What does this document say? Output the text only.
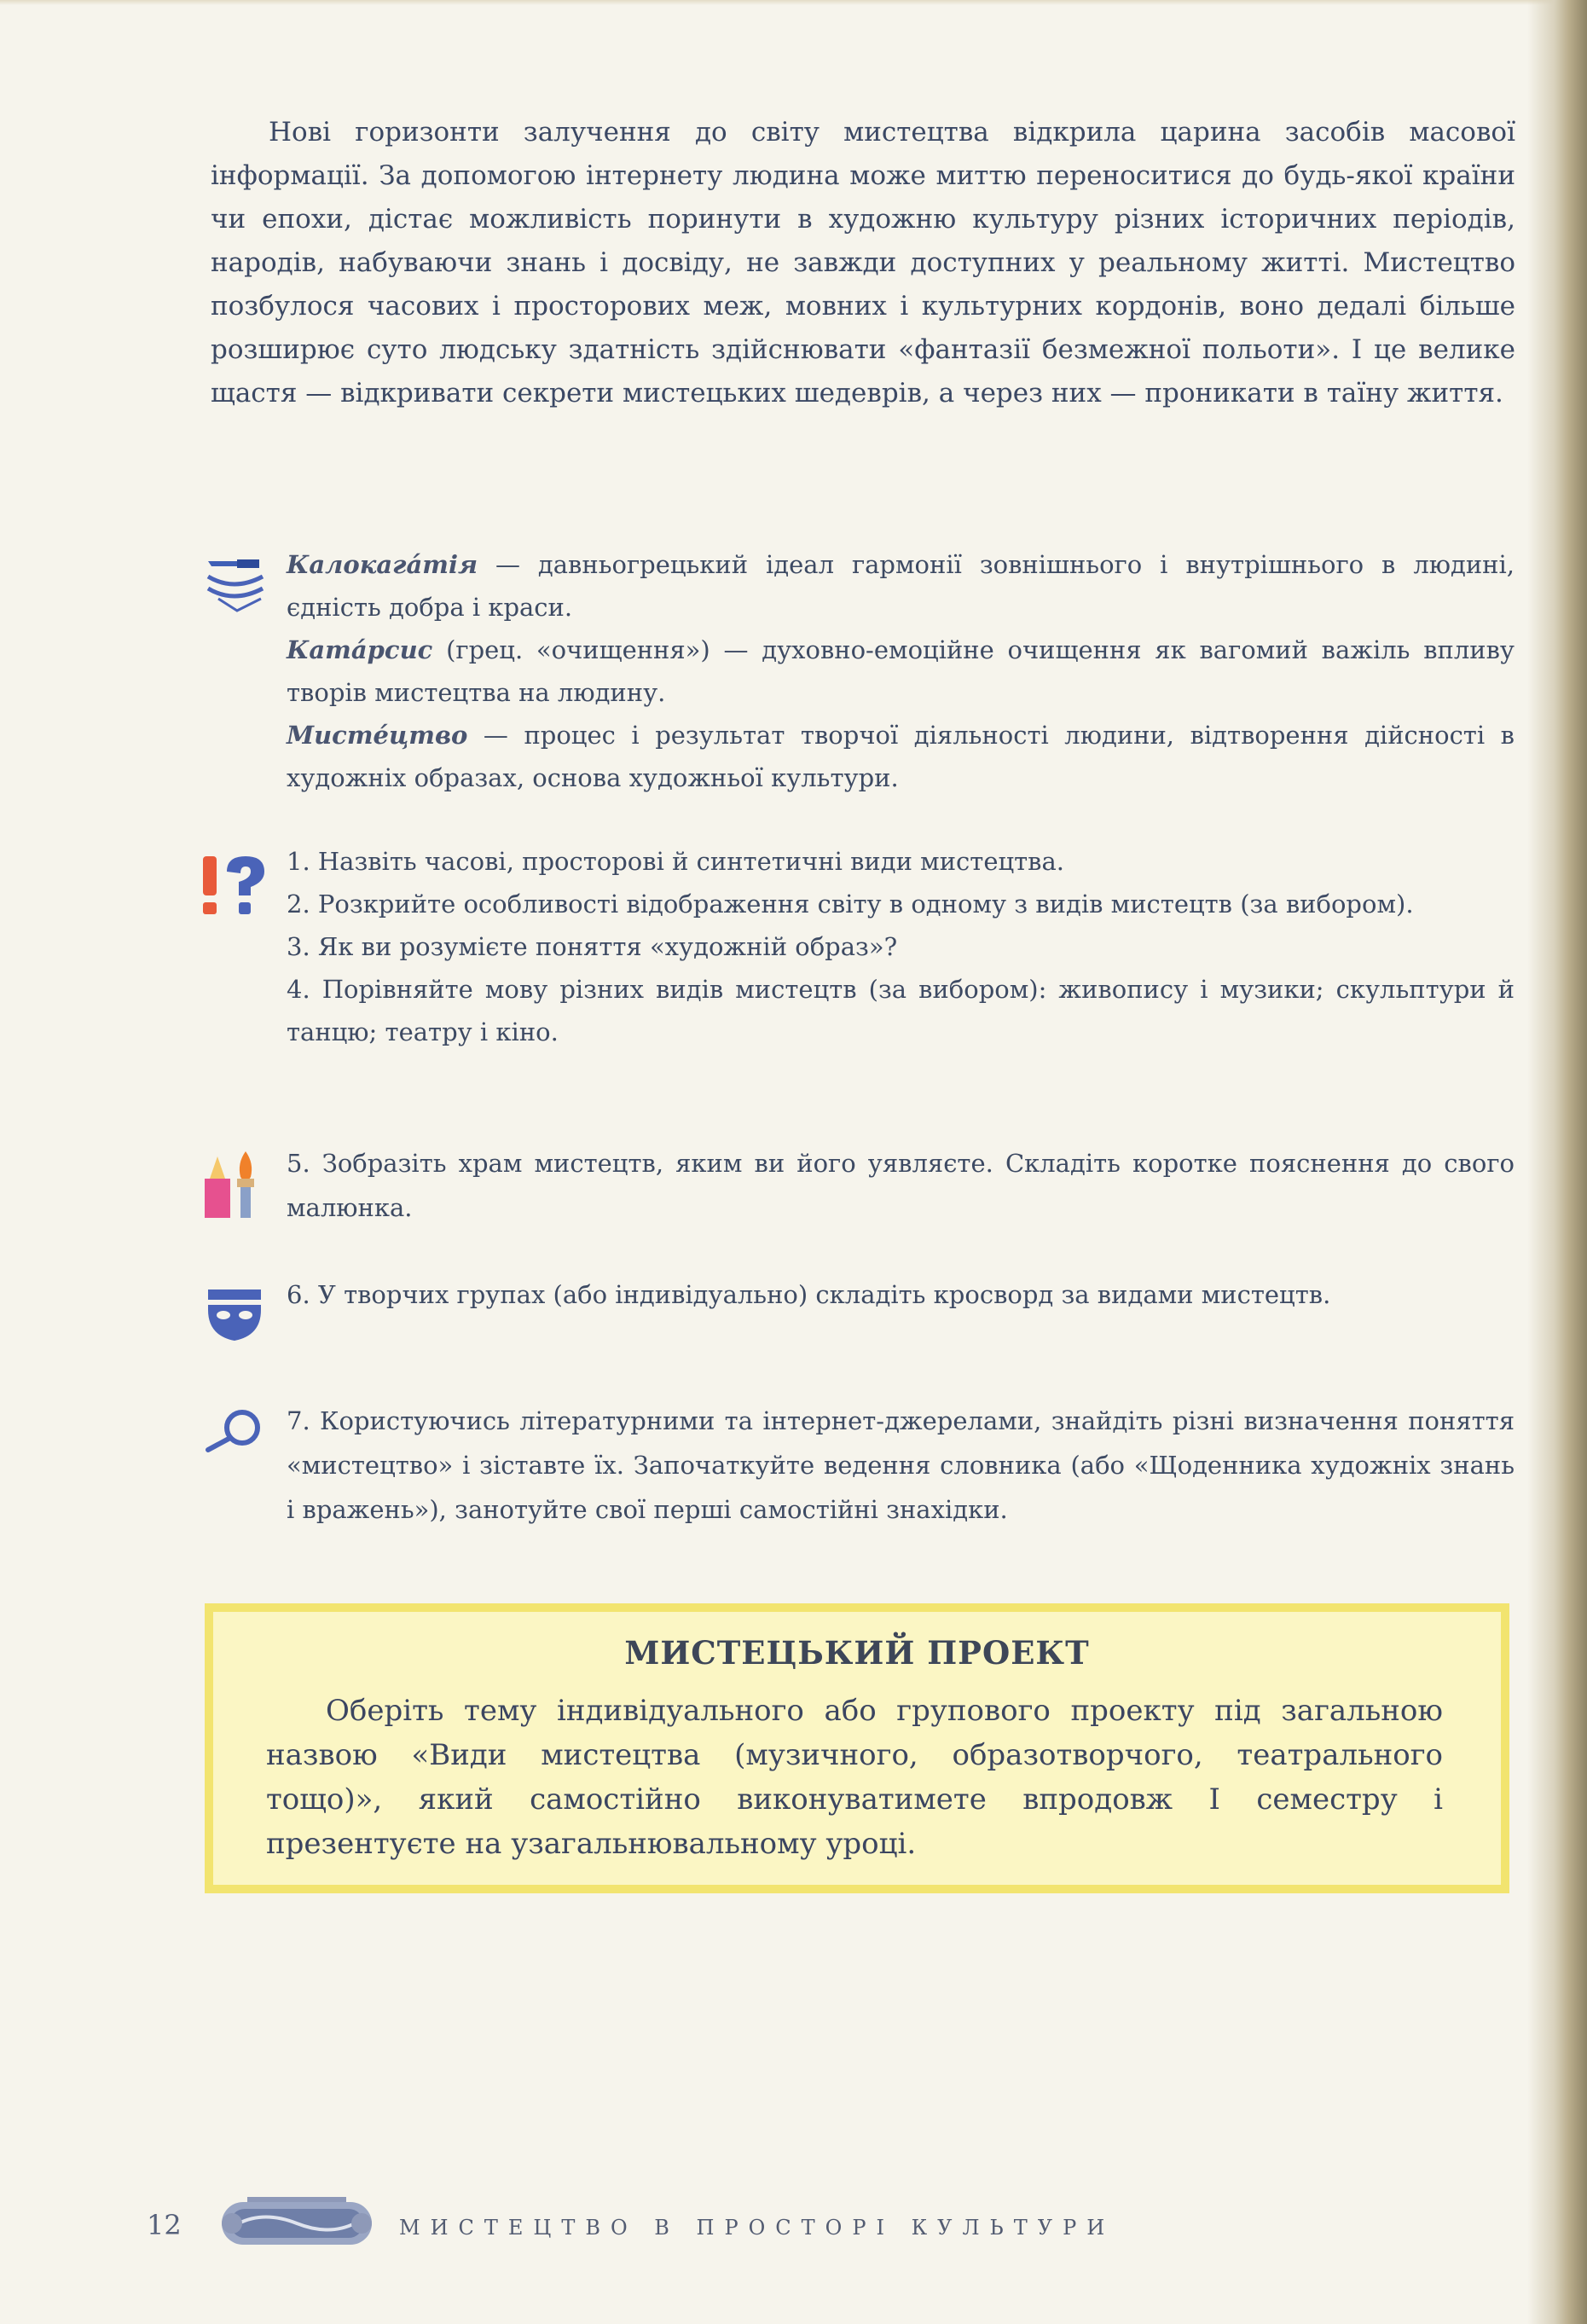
Нові горизонти залучення до світу мистецтва відкрила царина засобів масової інформації. За допомогою інтернету людина може миттю переноситися до будь-якої країни чи епохи, дістає можливість поринути в художню культуру різних історичних періодів, народів, набуваючи знань і досвіду, не завжди доступних у реальному житті. Мистецтво позбулося часових і просторових меж, мовних і культурних кордонів, воно дедалі більше розширює суто людську здатність здійснювати «фантазії безмежної польоти». І це велике щастя — відкривати секрети мистецьких шедеврів, а через них — проникати в таїну життя.

Калокагáтія — давньогрецький ідеал гармонії зовнішнього і внутрішнього в людині, єдність добра і краси.

Катáрсис (грец. «очищення») — духовно-емоційне очищення як вагомий важіль впливу творів мистецтва на людину.

Мистéцтво — процес і результат творчої діяльності людини, відтворення дійсності в художніх образах, основа художньої культури.

1. Назвіть часові, просторові й синтетичні види мистецтва.

2. Розкрийте особливості відображення світу в одному з видів мистецтв (за вибором).

3. Як ви розумієте поняття «художній образ»?

4. Порівняйте мову різних видів мистецтв (за вибором): живопису і музики; скульптури й танцю; театру і кіно.

5. Зобразіть храм мистецтв, яким ви його уявляєте. Складіть коротке пояснення до свого малюнка.
6. У творчих групах (або індивідуально) складіть кросворд за видами мистецтв.
7. Користуючись літературними та інтернет-джерелами, знайдіть різні визначення поняття «мистецтво» і зіставте їх. Започаткуйте ведення словника (або «Щоденника художніх знань і вражень»), занотуйте свої перші самостійні знахідки.
МИСТЕЦЬКИЙ ПРОЕКТ

Оберіть тему індивідуального або групового проекту під загальною назвою «Види мистецтва (музичного, образотворчого, театрального тощо)», який самостійно виконуватимете впродовж І семестру і презентуєте на узагальнювальному уроці.

12	МИСТЕЦТВО В ПРОСТОРІ КУЛЬТУРИ
